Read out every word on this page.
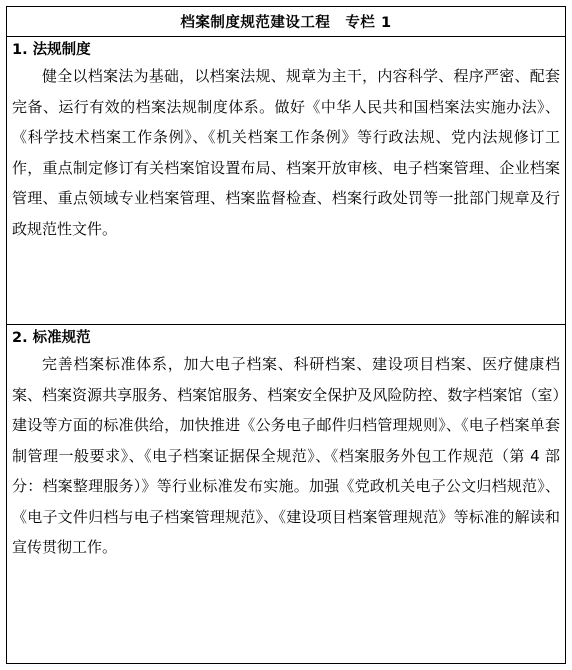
档案制度规范建设工程　专栏 1

1. 法规制度

健全以档案法为基础，以档案法规、规章为主干，内容科学、程序严密、配套完备、运行有效的档案法规制度体系。做好《中华人民共和国档案法实施办法》、《科学技术档案工作条例》、《机关档案工作条例》等行政法规、党内法规修订工作，重点制定修订有关档案馆设置布局、档案开放审核、电子档案管理、企业档案管理、重点领域专业档案管理、档案监督检查、档案行政处罚等一批部门规章及行政规范性文件。

2. 标准规范

完善档案标准体系，加大电子档案、科研档案、建设项目档案、医疗健康档案、档案资源共享服务、档案馆服务、档案安全保护及风险防控、数字档案馆（室）建设等方面的标准供给，加快推进《公务电子邮件归档管理规则》、《电子档案单套制管理一般要求》、《电子档案证据保全规范》、《档案服务外包工作规范（第 4 部分：档案整理服务）》等行业标准发布实施。加强《党政机关电子公文归档规范》、《电子文件归档与电子档案管理规范》、《建设项目档案管理规范》等标准的解读和宣传贯彻工作。
